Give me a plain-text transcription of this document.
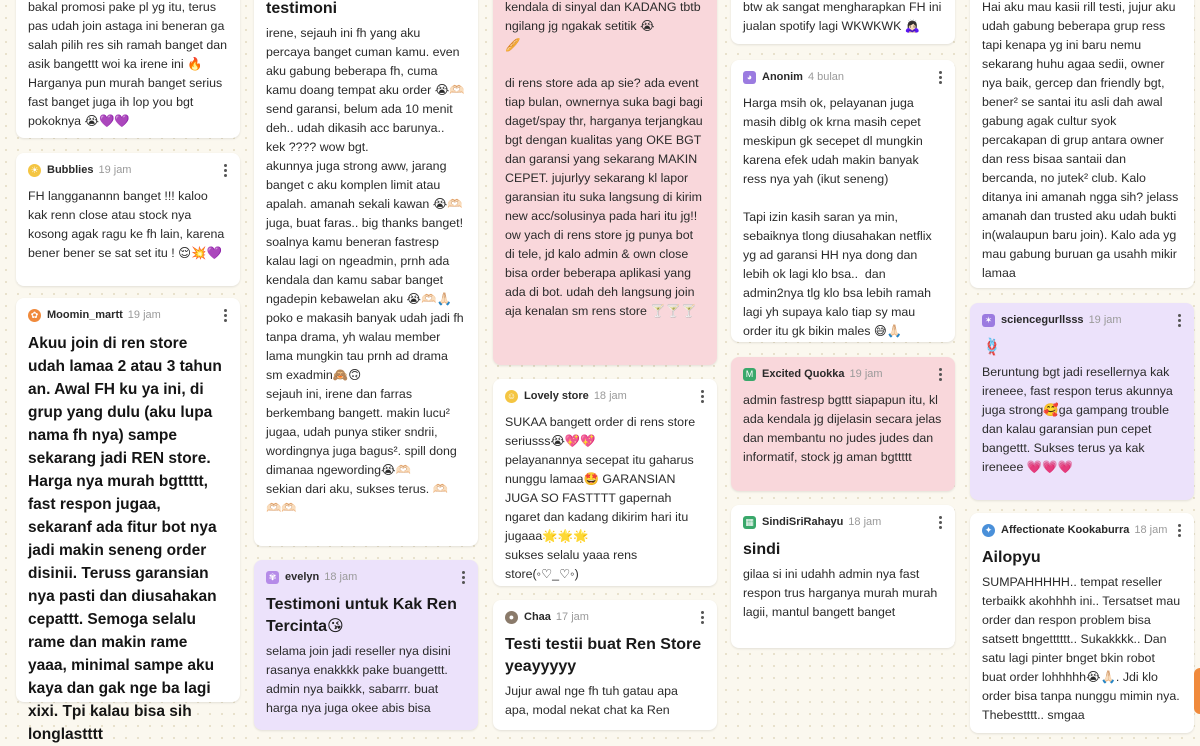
bakal promosi pake pl yg itu, terus pas udah join astaga ini beneran ga salah pilih res sih ramah banget dan asik bangettt woi ka irene ini 🔥 Harganya pun murah banget serius fast banget juga ih lop you bgt pokoknya 😭💜💜
☀ Bubblies 19 jam
FH langganannn banget !!! kaloo kak renn close atau stock nya kosong agak ragu ke fh lain, karena bener bener se sat set itu ! 😌💥💜
✿ Moomin_martt 19 jam
Akuu join di ren store udah lamaa 2 atau 3 tahun an. Awal FH ku ya ini, di grup yang dulu (aku lupa nama fh nya) sampe sekarang jadi REN store. Harga nya murah bgttttt, fast respon jugaa, sekaranf ada fitur bot nya jadi makin seneng order disinii. Teruss garansian nya pasti dan diusahakan cepattt. Semoga selalu rame dan makin rame yaaa, minimal sampe aku kaya dan gak nge ba lagi xixi. Tpi kalau bisa sih longlastttt
testimoni
irene, sejauh ini fh yang aku percaya banget cuman kamu. even aku gabung beberapa fh, cuma kamu doang tempat aku order 😭🫶🏻
send garansi, belum ada 10 menit deh.. udah dikasih acc barunya.. kek ???? wow bgt.
akunnya juga strong aww, jarang banget c aku komplen limit atau apalah. amanah sekali kawan 😭🫶🏻 juga, buat faras.. big thanks banget! soalnya kamu beneran fastresp kalau lagi on ngeadmin, prnh ada kendala dan kamu sabar banget ngadepin kebawelan aku 😭🫶🏻🙏🏻 poko e makasih banyak udah jadi fh tanpa drama, yh walau member lama mungkin tau prnh ad drama sm exadmin🙈🙃
sejauh ini, irene dan farras berkembang bangett. makin lucu² jugaa, udah punya stiker sndrii, wordingnya juga bagus². spill dong dimanaa ngewording😭🫶🏻
sekian dari aku, sukses terus. 🫶🏻
🫶🏻🫶🏻
✾ evelyn 18 jam
Testimoni untuk Kak Ren Tercinta😘
selama join jadi reseller nya disini rasanya enakkkk pake buangettt. admin nya baikkk, sabarrr. buat harga nya juga okee abis bisa
kendala di sinyal dan KADANG tbtb ngilang jg ngakak setitik 😭
🥖

di rens store ada ap sie? ada event tiap bulan, ownernya suka bagi bagi daget/spay thr, harganya terjangkau bgt dengan kualitas yang OKE BGT dan garansi yang sekarang MAKIN CEPET. jujurlyy sekarang kl lapor garansian itu suka langsung di kirim new acc/solusinya pada hari itu jg!! ow yach di rens store jg punya bot di tele, jd kalo admin & own close bisa order beberapa aplikasi yang ada di bot. udah deh langsung join aja kenalan sm rens store 🍸🍸🍸
☺ Lovely store 18 jam
SUKAA bangett order di rens store seriusss😭💖💖
pelayanannya secepat itu gaharus nunggu lamaa🤩 GARANSIAN JUGA SO FASTTTT gapernah ngaret dan kadang dikirim hari itu jugaaa🌟🌟🌟
sukses selalu yaaa rens store(◦♡_♡◦)
● Chaa 17 jam
Testi testii buat Ren Store yeayyyyy
Jujur awal nge fh tuh gatau apa apa, modal nekat chat ka Ren
btw ak sangat mengharapkan FH ini jualan spotify lagi WKWKWK 🙇🏻‍♀️
◕ Anonim 4 bulan
Harga msih ok, pelayanan juga masih dibIg ok krna masih cepet meskipun gk secepet dl mungkin karena efek udah makin banyak ress nya yah (ikut seneng)

Tapi izin kasih saran ya min, sebaiknya tlong diusahakan netflix yg ad garansi HH nya dong dan lebih ok lagi klo bsa..  dan admin2nya tlg klo bsa lebih ramah lagi yh supaya kalo tiap sy mau order itu gk bikin males 😅🙏🏻
M Excited Quokka 19 jam
admin fastresp bgttt siapapun itu, kl ada kendala jg dijelasin secara jelas dan membantu no judes judes dan informatif, stock jg aman bgttttt
▦ SindiSriRahayu 18 jam
sindi
gilaa si ini udahh admin nya fast respon trus harganya murah murah lagii, mantul bangett banget
Hai aku mau kasii rill testi, jujur aku udah gabung beberapa grup ress tapi kenapa yg ini baru nemu sekarang huhu agaa sedii, owner nya baik, gercep dan friendly bgt, bener² se santai itu asli dah awal gabung agak cultur syok percakapan di grup antara owner dan ress bisaa santaii dan bercanda, no jutek² club. Kalo ditanya ini amanah ngga sih? jelass amanah dan trusted aku udah bukti in(walaupun baru join). Kalo ada yg mau gabung buruan ga usahh mikir lamaa
✶ sciencegurllsss 19 jam
🪢
Beruntung bgt jadi resellernya kak ireneee, fast respon terus akunnya juga strong🥰ga gampang trouble dan kalau garansian pun cepet bangettt. Sukses terus ya kak ireneee 💗💗💗
✦ Affectionate Kookaburra 18 jam
Ailopyu
SUMPAHHHHH.. tempat reseller terbaikk akohhhh ini.. Tersatset mau order dan respon problem bisa satsett bngetttttt.. Sukakkkk.. Dan satu lagi pinter bnget bkin robot buat order lohhhhh😭🙏🏻. Jdi klo order bisa tanpa nunggu mimin nya. Thebestttt.. smgaa
